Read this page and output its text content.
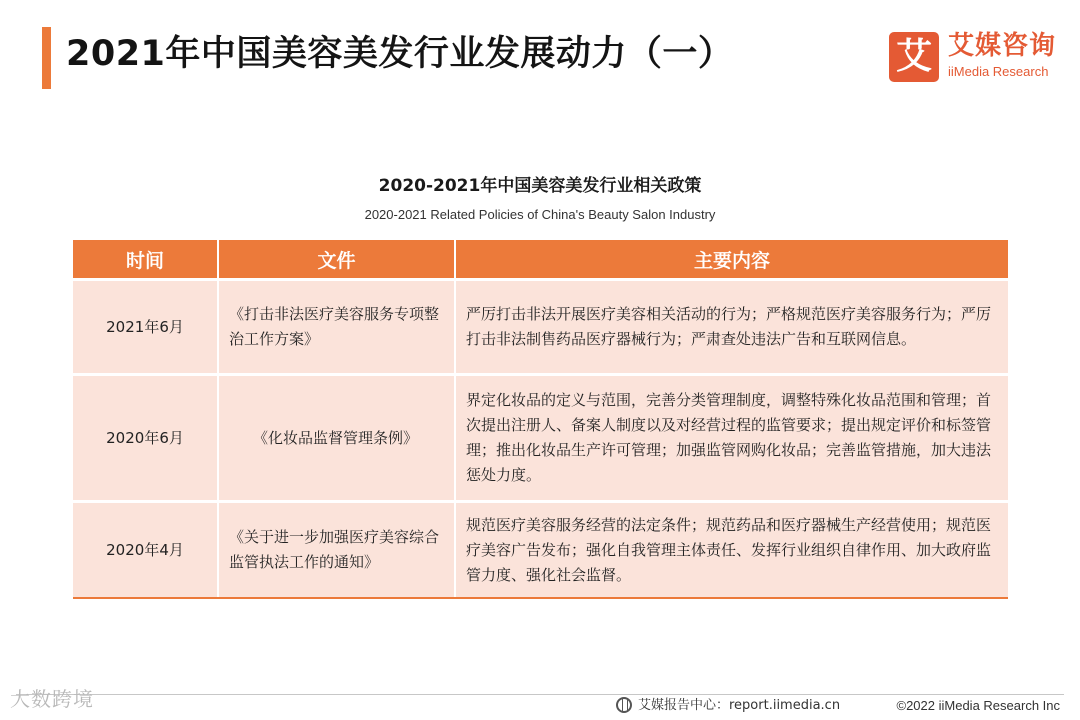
2021年中国美容美发行业发展动力（一）	艾 艾媒咨询
iiMedia Research
2020-2021年中国美容美发行业相关政策
2020-2021 Related Policies of China's Beauty Salon Industry
时间	文件	主要内容
2021年6月	《打击非法医疗美容服务专项整治工作方案》	严厉打击非法开展医疗美容相关活动的行为；严格规范医疗美容服务行为；严厉打击非法制售药品医疗器械行为；严肃查处违法广告和互联网信息。
2020年6月	《化妆品监督管理条例》	界定化妆品的定义与范围，完善分类管理制度，调整特殊化妆品范围和管理；首次提出注册人、备案人制度以及对经营过程的监管要求；提出规定评价和标签管理；推出化妆品生产许可管理；加强监管网购化妆品；完善监管措施，加大违法惩处力度。
2020年4月	《关于进一步加强医疗美容综合监管执法工作的通知》	规范医疗美容服务经营的法定条件；规范药品和医疗器械生产经营使用；规范医疗美容广告发布；强化自我管理主体责任、发挥行业组织自律作用、加大政府监管力度、强化社会监督。
大数跨境	艾媒报告中心：report.iimedia.cn	©2022 iiMedia Research Inc
